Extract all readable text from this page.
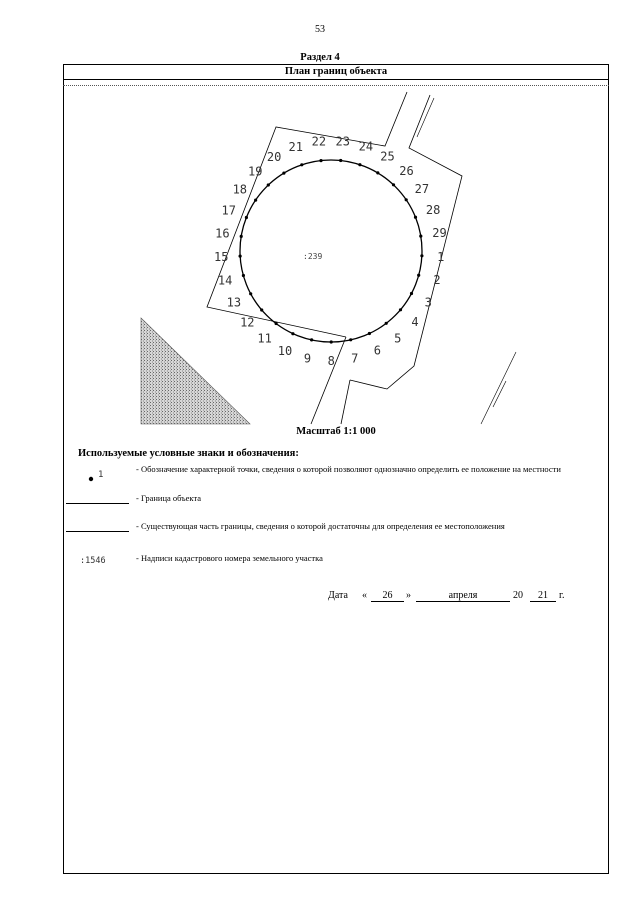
53
Раздел 4
План границ объекта
1
2
3
4
5
6
7
8
9
10
11
12
13
14
15
16
17
18
19
20
21 22 23 24
25
26
27
28
29
:239
Масштаб 1:1 000
Используемые условные знаки и обозначения:
1
- Обозначение характерной точки, сведения о которой позволяют однозначно определить ее положение на местности
- Граница объекта
- Существующая часть границы, сведения о которой достаточны для определения ее местоположения
:1546	- Надписи кадастрового номера земельного участка
Дата «	26	»	апреля	20	21	г.
